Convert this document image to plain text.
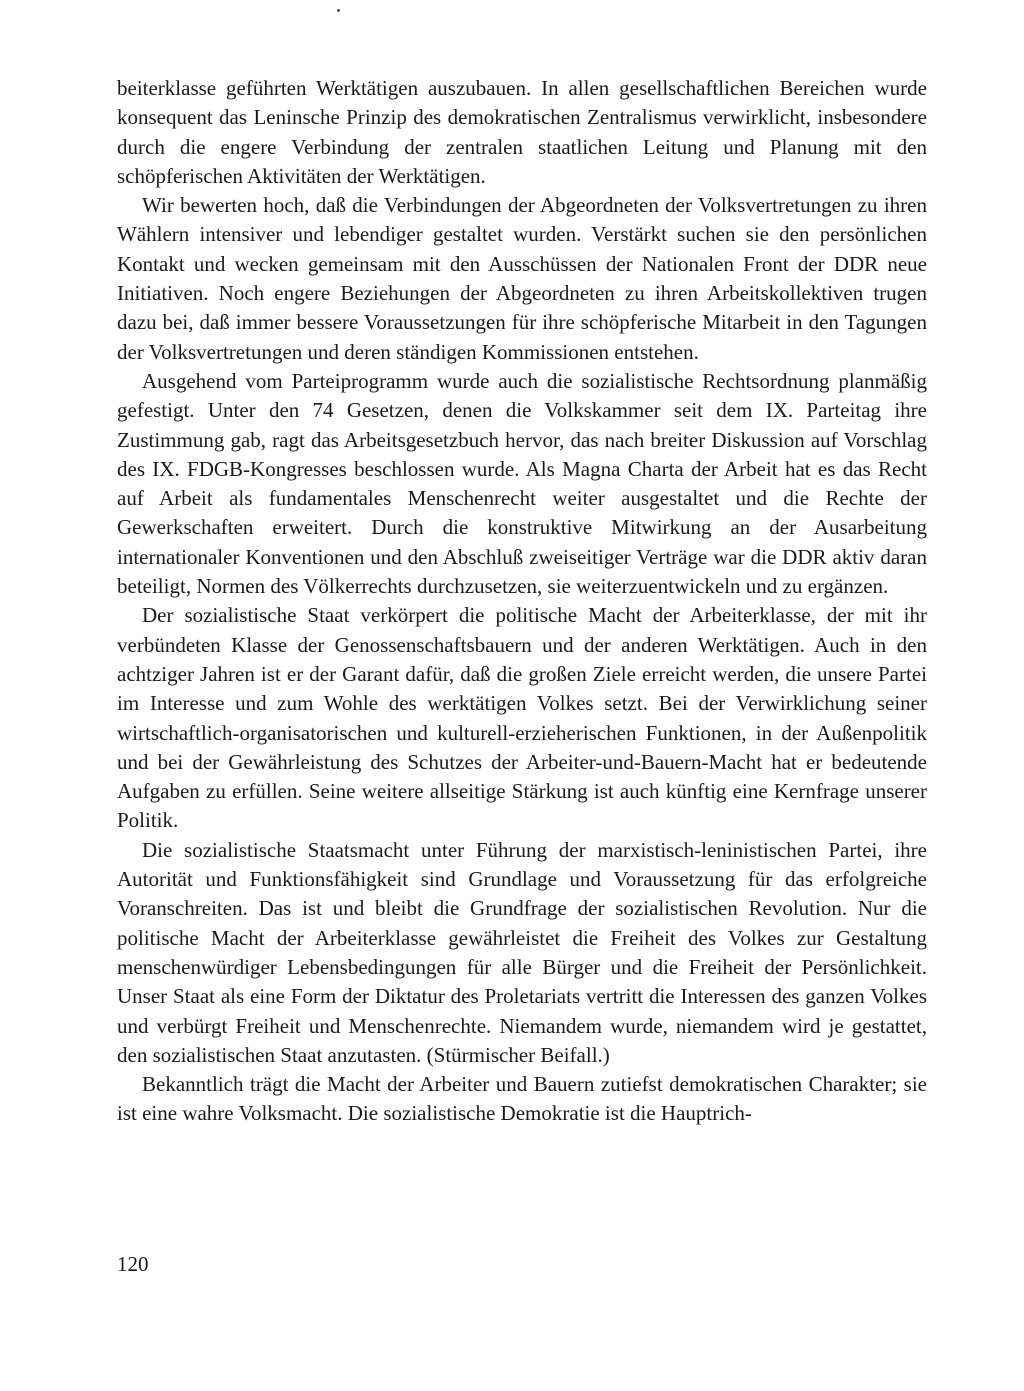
beiterklasse geführten Werktätigen auszubauen. In allen gesellschaftlichen Bereichen wurde konsequent das Leninsche Prinzip des demokratischen Zentralismus verwirklicht, insbesondere durch die engere Verbindung der zentralen staatlichen Leitung und Planung mit den schöpferischen Aktivitäten der Werktätigen.

Wir bewerten hoch, daß die Verbindungen der Abgeordneten der Volksvertretungen zu ihren Wählern intensiver und lebendiger gestaltet wurden. Verstärkt suchen sie den persönlichen Kontakt und wecken gemeinsam mit den Ausschüssen der Nationalen Front der DDR neue Initiativen. Noch engere Beziehungen der Abgeordneten zu ihren Arbeitskollektiven trugen dazu bei, daß immer bessere Voraussetzungen für ihre schöpferische Mitarbeit in den Tagungen der Volksvertretungen und deren ständigen Kommissionen entstehen.

Ausgehend vom Parteiprogramm wurde auch die sozialistische Rechtsordnung planmäßig gefestigt. Unter den 74 Gesetzen, denen die Volkskammer seit dem IX. Parteitag ihre Zustimmung gab, ragt das Arbeitsgesetzbuch hervor, das nach breiter Diskussion auf Vorschlag des IX. FDGB-Kongresses beschlossen wurde. Als Magna Charta der Arbeit hat es das Recht auf Arbeit als fundamentales Menschenrecht weiter ausgestaltet und die Rechte der Gewerkschaften erweitert. Durch die konstruktive Mitwirkung an der Ausarbeitung internationaler Konventionen und den Abschluß zweiseitiger Verträge war die DDR aktiv daran beteiligt, Normen des Völkerrechts durchzusetzen, sie weiterzuentwickeln und zu ergänzen.

Der sozialistische Staat verkörpert die politische Macht der Arbeiterklasse, der mit ihr verbündeten Klasse der Genossenschaftsbauern und der anderen Werktätigen. Auch in den achtziger Jahren ist er der Garant dafür, daß die großen Ziele erreicht werden, die unsere Partei im Interesse und zum Wohle des werktätigen Volkes setzt. Bei der Verwirklichung seiner wirtschaftlich-organisatorischen und kulturell-erzieherischen Funktionen, in der Außenpolitik und bei der Gewährleistung des Schutzes der Arbeiter-und-Bauern-Macht hat er bedeutende Aufgaben zu erfüllen. Seine weitere allseitige Stärkung ist auch künftig eine Kernfrage unserer Politik.

Die sozialistische Staatsmacht unter Führung der marxistisch-leninistischen Partei, ihre Autorität und Funktionsfähigkeit sind Grundlage und Voraussetzung für das erfolgreiche Voranschreiten. Das ist und bleibt die Grundfrage der sozialistischen Revolution. Nur die politische Macht der Arbeiterklasse gewährleistet die Freiheit des Volkes zur Gestaltung menschenwürdiger Lebensbedingungen für alle Bürger und die Freiheit der Persönlichkeit. Unser Staat als eine Form der Diktatur des Proletariats vertritt die Interessen des ganzen Volkes und verbürgt Freiheit und Menschenrechte. Niemandem wurde, niemandem wird je gestattet, den sozialistischen Staat anzutasten. (Stürmischer Beifall.)

Bekanntlich trägt die Macht der Arbeiter und Bauern zutiefst demokratischen Charakter; sie ist eine wahre Volksmacht. Die sozialistische Demokratie ist die Hauptrich-

120
